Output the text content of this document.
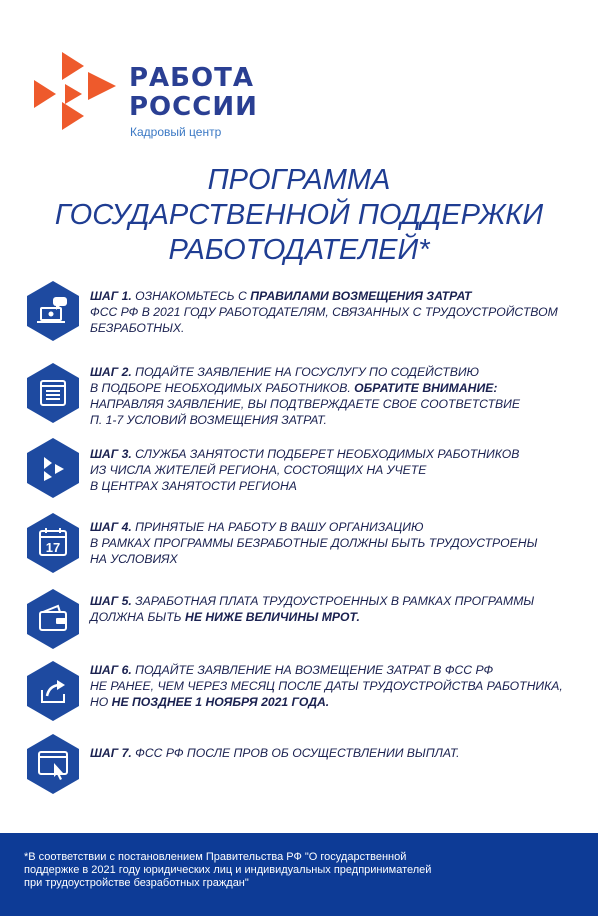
РАБОТА
РОССИИ
Кадровый центр
ПРОГРАММА
ГОСУДАРСТВЕННОЙ ПОДДЕРЖКИ
РАБОТОДАТЕЛЕЙ*
ШАГ 1. ОЗНАКОМЬТЕСЬ С ПРАВИЛАМИ ВОЗМЕЩЕНИЯ ЗАТРАТ
ФСС РФ В 2021 ГОДУ РАБОТОДАТЕЛЯМ, СВЯЗАННЫХ С ТРУДОУСТРОЙСТВОМ
БЕЗРАБОТНЫХ.
ШАГ 2. ПОДАЙТЕ ЗАЯВЛЕНИЕ НА ГОСУСЛУГУ ПО СОДЕЙСТВИЮ
В ПОДБОРЕ НЕОБХОДИМЫХ РАБОТНИКОВ. ОБРАТИТЕ ВНИМАНИЕ:
НАПРАВЛЯЯ ЗАЯВЛЕНИЕ, ВЫ ПОДТВЕРЖДАЕТЕ СВОЕ СООТВЕТСТВИЕ
П. 1-7 УСЛОВИЙ ВОЗМЕЩЕНИЯ ЗАТРАТ.
ШАГ 3. СЛУЖБА ЗАНЯТОСТИ ПОДБЕРЕТ НЕОБХОДИМЫХ РАБОТНИКОВ
ИЗ ЧИСЛА ЖИТЕЛЕЙ РЕГИОНА, СОСТОЯЩИХ НА УЧЕТЕ
В ЦЕНТРАХ ЗАНЯТОСТИ РЕГИОНА
17
ШАГ 4. ПРИНЯТЫЕ НА РАБОТУ В ВАШУ ОРГАНИЗАЦИЮ
В РАМКАХ ПРОГРАММЫ БЕЗРАБОТНЫЕ ДОЛЖНЫ БЫТЬ ТРУДОУСТРОЕНЫ
НА УСЛОВИЯХ
ШАГ 5. ЗАРАБОТНАЯ ПЛАТА ТРУДОУСТРОЕННЫХ В РАМКАХ ПРОГРАММЫ
ДОЛЖНА БЫТЬ НЕ НИЖЕ ВЕЛИЧИНЫ МРОТ.
ШАГ 6. ПОДАЙТЕ ЗАЯВЛЕНИЕ НА ВОЗМЕЩЕНИЕ ЗАТРАТ В ФСС РФ
НЕ РАНЕЕ, ЧЕМ ЧЕРЕЗ МЕСЯЦ ПОСЛЕ ДАТЫ ТРУДОУСТРОЙСТВА РАБОТНИКА,
НО НЕ ПОЗДНЕЕ 1 НОЯБРЯ 2021 ГОДА.
ШАГ 7. ФСС РФ ПОСЛЕ ПРОВ ОБ ОСУЩЕСТВЛЕНИИ ВЫПЛАТ.
*В соответствии с постановлением Правительства РФ "О государственной
поддержке в 2021 году юридических лиц и индивидуальных предпринимателей
при трудоустройстве безработных граждан"
